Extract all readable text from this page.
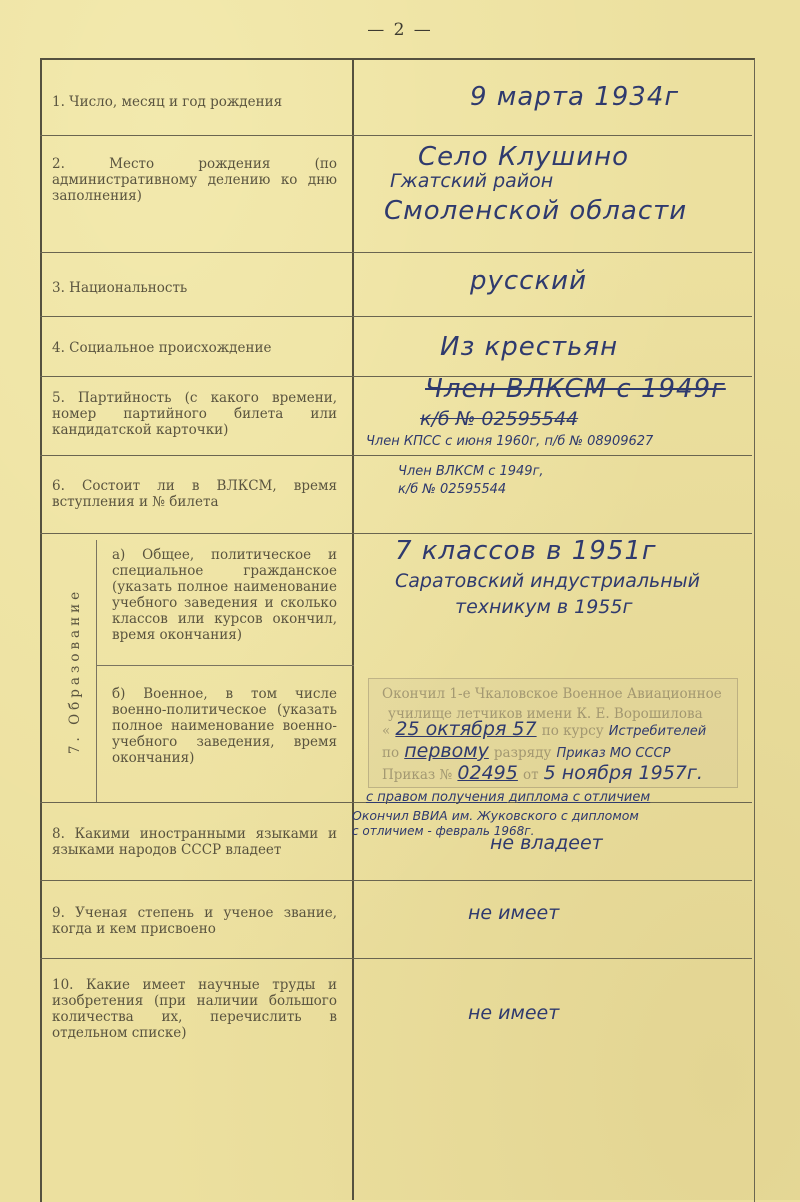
— 2 —
1. Число, месяц и год рождения
2. Место рождения (по административному делению ко дню заполнения)
3. Национальность
4. Социальное происхождение
5. Партийность (с какого времени, номер партийного билета или кандидатской карточки)
6. Состоит ли в ВЛКСМ, время вступления и № билета
7. Образование
а) Общее, политическое и специальное гражданское (указать полное наименование учебного заведения и сколько классов или курсов окончил, время окончания)
б) Военное, в том числе военно-политическое (указать полное наименование военно-учебного заведения, время окончания)
8. Какими иностранными языками и языками народов СССР владеет
9. Ученая степень и ученое звание, когда и кем присвоено
10. Какие имеет научные труды и изобретения (при наличии большого количества их, перечислить в отдельном списке)
9 марта 1934г
Село Клушино
Гжатский район
Смоленской области
русский
Из крестьян
Член ВЛКСМ с 1949г
к/б № 02595544
Член КПСС с июня 1960г, п/б № 08909627
Член ВЛКСМ с 1949г,
к/б № 02595544
7 классов в 1951г
Саратовский индустриальный
техникум в 1955г
Окончил 1-е Чкаловское Военное Авиационное
училище летчиков имени К. Е. Ворошилова
« 25 октября 57 по курсу Истребителей
по первому разряду Приказ МО СССР
Приказ № 02495 от 5 ноября 1957г.
с правом получения диплома с отличием
Окончил ВВИА им. Жуковского с дипломом
с отличием - февраль 1968г.
не владеет
не имеет
не имеет
